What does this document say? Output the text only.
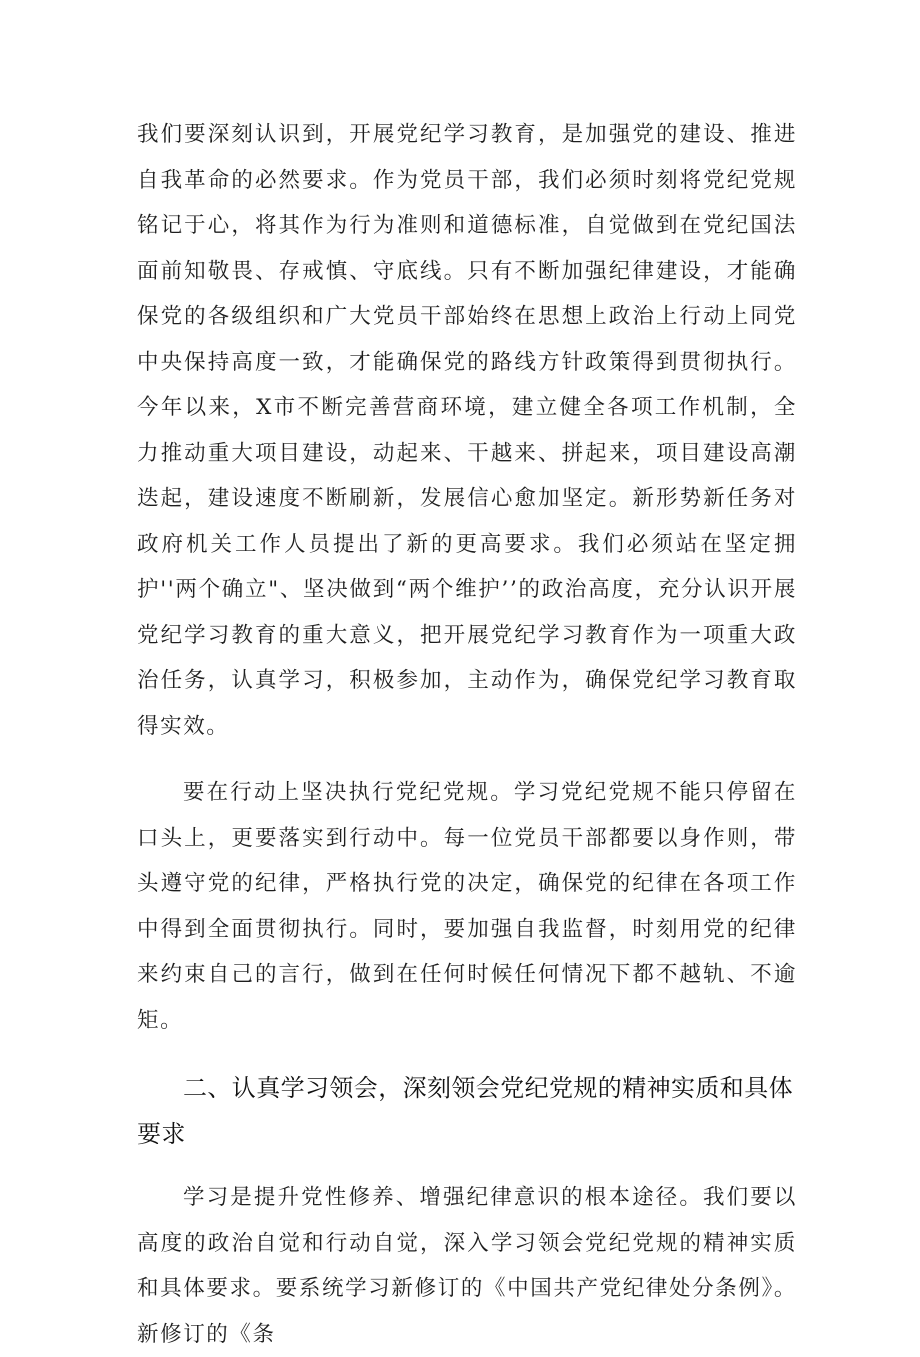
我们要深刻认识到，开展党纪学习教育，是加强党的建设、推进自我革命的必然要求。作为党员干部，我们必须时刻将党纪党规铭记于心，将其作为行为准则和道德标准，自觉做到在党纪国法面前知敬畏、存戒慎、守底线。只有不断加强纪律建设，才能确保党的各级组织和广大党员干部始终在思想上政治上行动上同党中央保持高度一致，才能确保党的路线方针政策得到贯彻执行。今年以来，X市不断完善营商环境，建立健全各项工作机制，全力推动重大项目建设，动起来、干越来、拼起来，项目建设高潮迭起，建设速度不断刷新，发展信心愈加坚定。新形势新任务对政府机关工作人员提出了新的更高要求。我们必须站在坚定拥护''两个确立"、坚决做到“两个维护’’的政治高度，充分认识开展党纪学习教育的重大意义，把开展党纪学习教育作为一项重大政治任务，认真学习，积极参加，主动作为，确保党纪学习教育取得实效。

要在行动上坚决执行党纪党规。学习党纪党规不能只停留在口头上，更要落实到行动中。每一位党员干部都要以身作则，带头遵守党的纪律，严格执行党的决定，确保党的纪律在各项工作中得到全面贯彻执行。同时，要加强自我监督，时刻用党的纪律来约束自己的言行，做到在任何时候任何情况下都不越轨、不逾矩。

二、认真学习领会，深刻领会党纪党规的精神实质和具体要求

学习是提升党性修养、增强纪律意识的根本途径。我们要以高度的政治自觉和行动自觉，深入学习领会党纪党规的精神实质和具体要求。要系统学习新修订的《中国共产党纪律处分条例》。新修订的《条
